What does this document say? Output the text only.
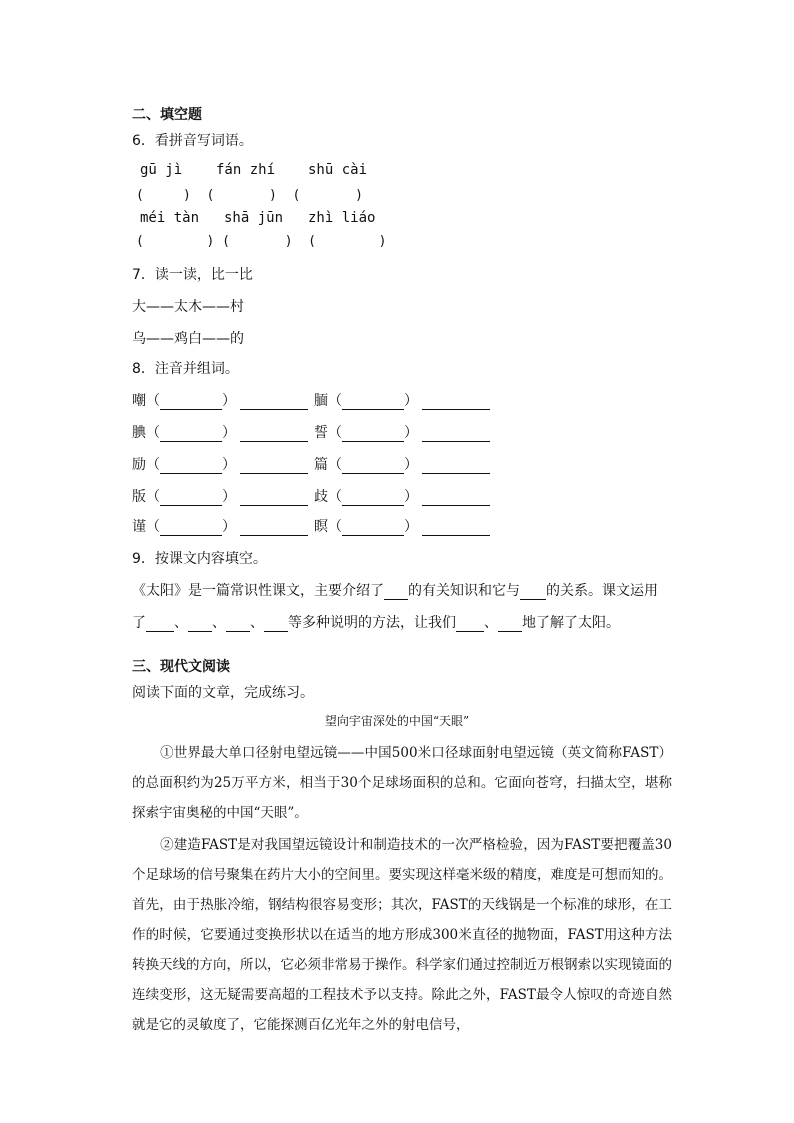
二、填空题
6．看拼音写词语。
gū jì fán zhí shū cài
(     )  (       )  (       )
méi tàn shā jūn zhì liáo
(        ) (       )  (        )
7．读一读，比一比
大——太木——村
乌——鸡白——的
8．注音并组词。
嘲（	）	腼（	）
腆（	）	誓（	）
励（	）	篇（	）
版（	）	歧（	）
谨（	）	瞑（	）
9．按课文内容填空。
《太阳》是一篇常识性课文，主要介绍了 的有关知识和它与 的关系。课文运用
了 、 、 、 等多种说明的方法，让我们 、 地了解了太阳。
三、现代文阅读
阅读下面的文章，完成练习。
望向宇宙深处的中国“天眼”
①世界最大单口径射电望远镜——中国500米口径球面射电望远镜（英文简称FAST）的总面积约为25万平方米，相当于30个足球场面积的总和。它面向苍穹，扫描太空，堪称探索宇宙奥秘的中国“天眼”。
②建造FAST是对我国望远镜设计和制造技术的一次严格检验，因为FAST要把覆盖30个足球场的信号聚集在药片大小的空间里。要实现这样毫米级的精度，难度是可想而知的。首先，由于热胀冷缩，钢结构很容易变形；其次，FAST的天线锅是一个标准的球形，在工作的时候，它要通过变换形状以在适当的地方形成300米直径的抛物面，FAST用这种方法转换天线的方向，所以，它必须非常易于操作。科学家们通过控制近万根钢索以实现镜面的连续变形，这无疑需要高超的工程技术予以支持。除此之外，FAST最令人惊叹的奇迹自然就是它的灵敏度了，它能探测百亿光年之外的射电信号，
